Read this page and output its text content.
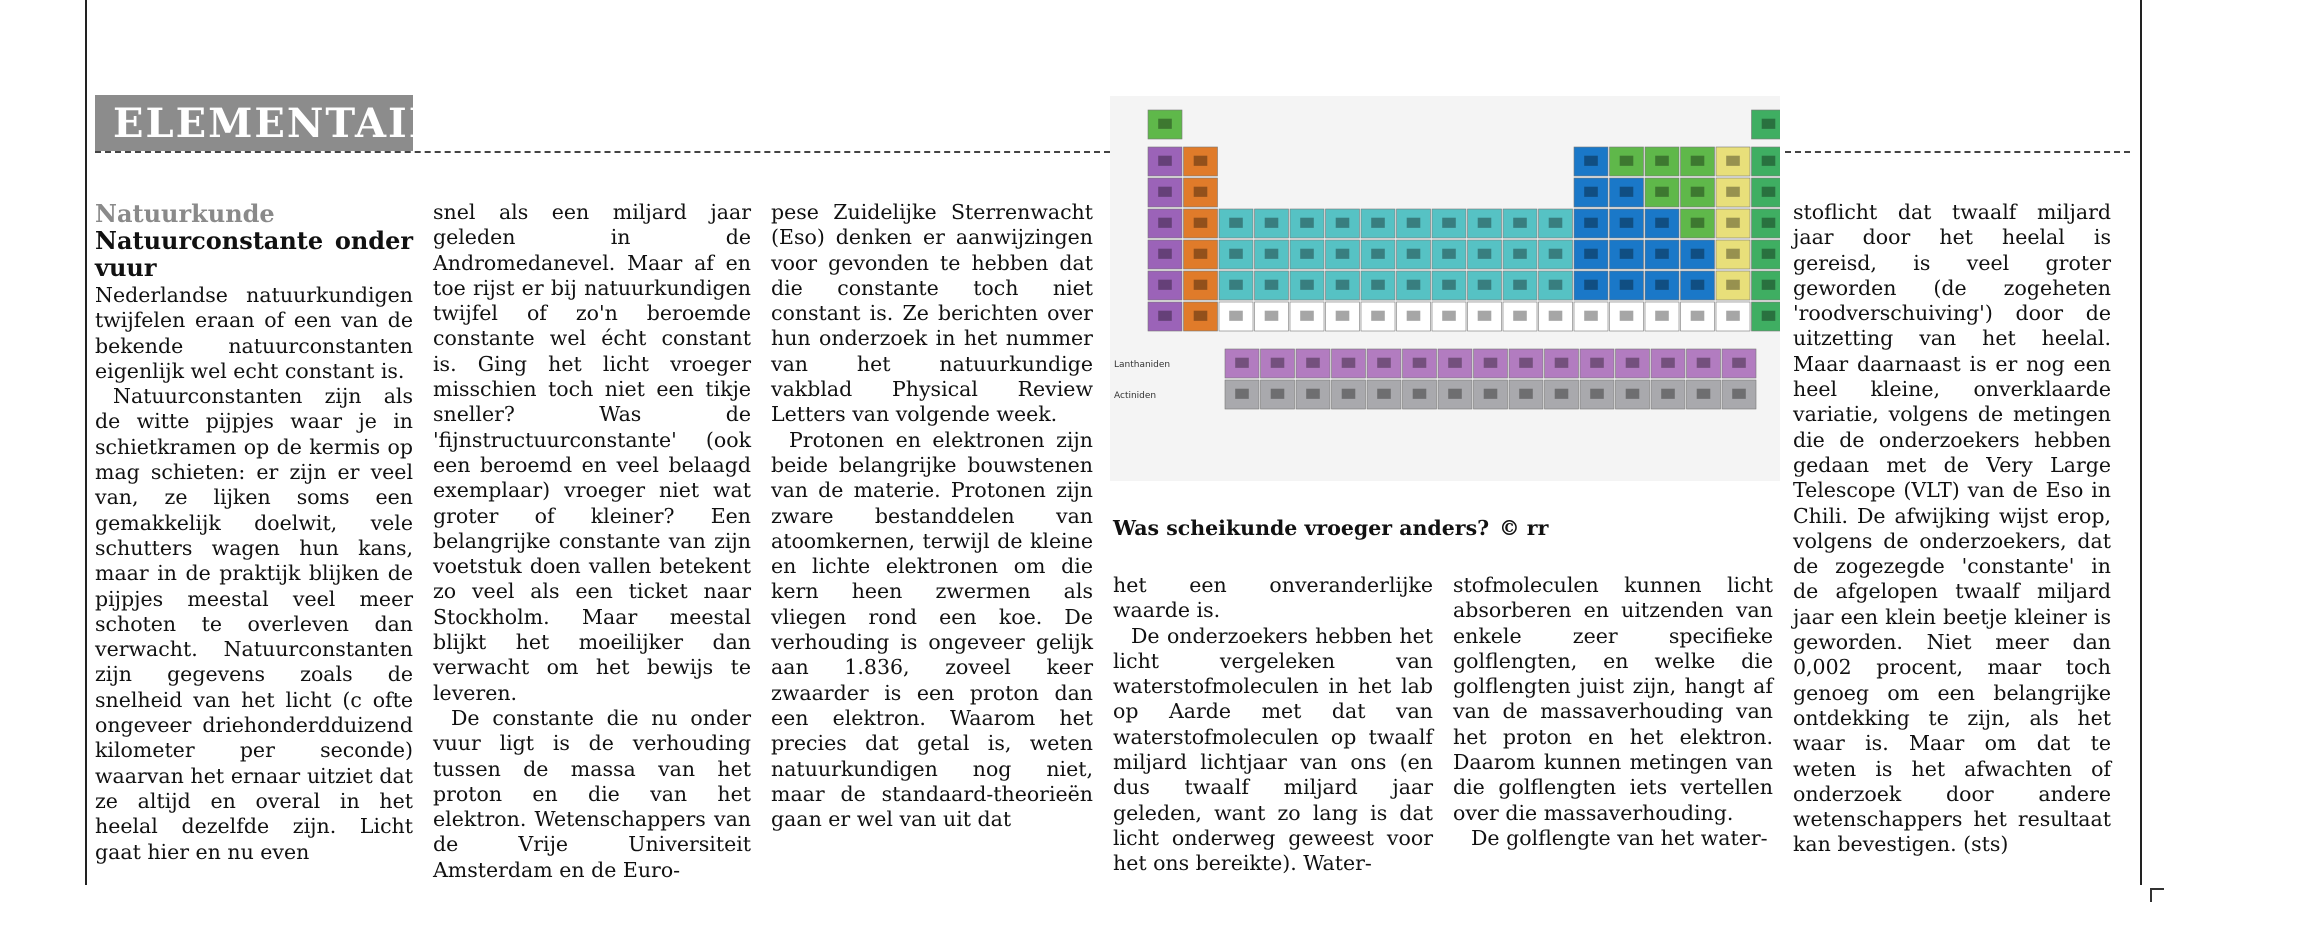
ELEMENTAIR
Natuurkunde
Natuurconstante onder vuur

Nederlandse natuurkundigen twijfelen eraan of een van de bekende natuurconstanten eigenlijk wel echt constant is.

Natuurconstanten zijn als de witte pijpjes waar je in schietkramen op de kermis op mag schieten: er zijn er veel van, ze lijken soms een gemakkelijk doelwit, vele schutters wagen hun kans, maar in de praktijk blijken de pijpjes meestal veel meer schoten te overleven dan verwacht. Natuurconstanten zijn gegevens zoals de snelheid van het licht (c ofte ongeveer driehonderdduizend kilometer per seconde) waarvan het ernaar uitziet dat ze altijd en overal in het heelal dezelfde zijn. Licht gaat hier en nu even

snel als een miljard jaar geleden in de Andromedanevel. Maar af en toe rijst er bij natuurkundigen twijfel of zo'n beroemde constante wel écht constant is. Ging het licht vroeger misschien toch niet een tikje sneller? Was de 'fijnstructuurconstante' (ook een beroemd en veel belaagd exemplaar) vroeger niet wat groter of kleiner? Een belangrijke constante van zijn voetstuk doen vallen betekent zo veel als een ticket naar Stockholm. Maar meestal blijkt het moeilijker dan verwacht om het bewijs te leveren.

De constante die nu onder vuur ligt is de verhouding tussen de massa van het proton en die van het elektron. Wetenschappers van de Vrije Universiteit Amsterdam en de Euro-

pese Zuidelijke Sterrenwacht (Eso) denken er aanwijzingen voor gevonden te hebben dat die constante toch niet constant is. Ze berichten over hun onderzoek in het nummer van het natuurkundige vakblad Physical Review Letters van volgende week.

Protonen en elektronen zijn beide belangrijke bouwstenen van de materie. Protonen zijn zware bestanddelen van atoomkernen, terwijl de kleine en lichte elektronen om die kern heen zwermen als vliegen rond een koe. De verhouding is ongeveer gelijk aan 1.836, zoveel keer zwaarder is een proton dan een elektron. Waarom het precies dat getal is, weten natuurkundigen nog niet, maar de standaard-theorieën gaan er wel van uit dat

Lanthaniden
Actiniden
Was scheikunde vroeger anders? © rr

het een onveranderlijke waarde is.

De onderzoekers hebben het licht vergeleken van waterstofmoleculen in het lab op Aarde met dat van waterstofmoleculen op twaalf miljard lichtjaar van ons (en dus twaalf miljard jaar geleden, want zo lang is dat licht onderweg geweest voor het ons bereikte). Water-

stofmoleculen kunnen licht absorberen en uitzenden van enkele zeer specifieke golflengten, en welke die golflengten juist zijn, hangt af van de massaverhouding van het proton en het elektron. Daarom kunnen metingen van die golflengten iets vertellen over die massaverhouding.

De golflengte van het water-

stoflicht dat twaalf miljard jaar door het heelal is gereisd, is veel groter geworden (de zogeheten 'roodverschuiving') door de uitzetting van het heelal. Maar daarnaast is er nog een heel kleine, onverklaarde variatie, volgens de metingen die de onderzoekers hebben gedaan met de Very Large Telescope (VLT) van de Eso in Chili. De afwijking wijst erop, volgens de onderzoekers, dat de zogezegde 'constante' in de afgelopen twaalf miljard jaar een klein beetje kleiner is geworden. Niet meer dan 0,002 procent, maar toch genoeg om een belangrijke ontdekking te zijn, als het waar is. Maar om dat te weten is het afwachten of onderzoek door andere wetenschappers het resultaat kan bevestigen. (sts)
